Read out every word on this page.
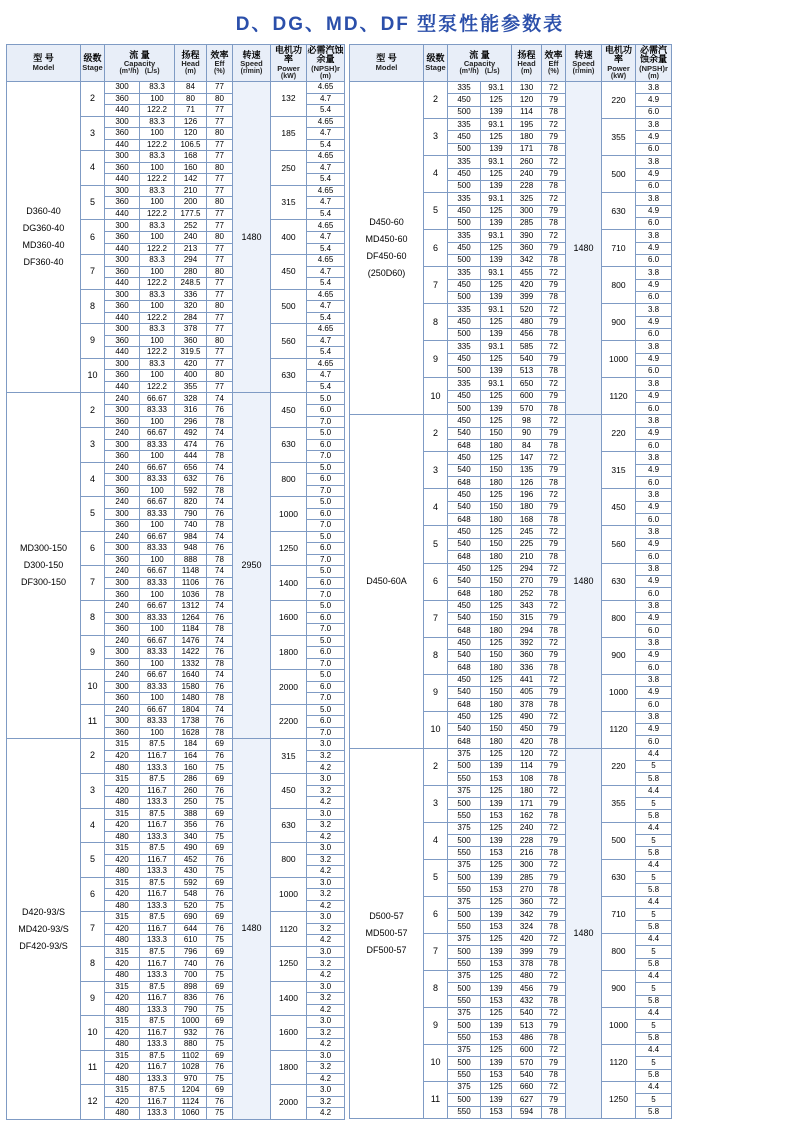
D、DG、MD、DF 型泵性能参数表
型 号
Model	级数
Stage	流 量
Capacity
(m³/h) (L/s)		扬程
Head
(m)	效率
Eff
(%)	转速
Speed
(r/min)	电机功率
Power
(kW)	必需汽蚀余量
(NPSH)r
(m)

D360-40
DG360-40
MD360-40
DF360-40	2	300	83.3	84	77	1480	132	4.65
		360	100	80	80			4.7
		440	122.2	71	77			5.4
	3	300	83.3	126	77		185	4.65
		360	100	120	80			4.7
		440	122.2	106.5	77			5.4
	4	300	83.3	168	77		250	4.65
		360	100	160	80			4.7
		440	122.2	142	77			5.4
	5	300	83.3	210	77		315	4.65
		360	100	200	80			4.7
		440	122.2	177.5	77			5.4
	6	300	83.3	252	77		400	4.65
		360	100	240	80			4.7
		440	122.2	213	77			5.4
	7	300	83.3	294	77		450	4.65
		360	100	280	80			4.7
		440	122.2	248.5	77			5.4
	8	300	83.3	336	77		500	4.65
		360	100	320	80			4.7
		440	122.2	284	77			5.4
	9	300	83.3	378	77		560	4.65
		360	100	360	80			4.7
		440	122.2	319.5	77			5.4
	10	300	83.3	420	77		630	4.65
		360	100	400	80			4.7
		440	122.2	355	77			5.4

MD300-150
D300-150
DF300-150	2	240	66.67	328	74	2950	450	5.0
		300	83.33	316	76			6.0
		360	100	296	78			7.0
	3	240	66.67	492	74		630	5.0
		300	83.33	474	76			6.0
		360	100	444	78			7.0
	4	240	66.67	656	74		800	5.0
		300	83.33	632	76			6.0
		360	100	592	78			7.0
	5	240	66.67	820	74		1000	5.0
		300	83.33	790	76			6.0
		360	100	740	78			7.0
	6	240	66.67	984	74		1250	5.0
		300	83.33	948	76			6.0
		360	100	888	78			7.0
	7	240	66.67	1148	74		1400	5.0
		300	83.33	1106	76			6.0
		360	100	1036	78			7.0
	8	240	66.67	1312	74		1600	5.0
		300	83.33	1264	76			6.0
		360	100	1184	78			7.0
	9	240	66.67	1476	74		1800	5.0
		300	83.33	1422	76			6.0
		360	100	1332	78			7.0
	10	240	66.67	1640	74		2000	5.0
		300	83.33	1580	76			6.0
		360	100	1480	78			7.0
	11	240	66.67	1804	74		2200	5.0
		300	83.33	1738	76			6.0
		360	100	1628	78			7.0

D420-93/S
MD420-93/S
DF420-93/S	2	315	87.5	184	69	1480	315	3.0
		420	116.7	164	76			3.2
		480	133.3	160	75			4.2
	3	315	87.5	286	69		450	3.0
		420	116.7	260	76			3.2
		480	133.3	250	75			4.2
	4	315	87.5	388	69		630	3.0
		420	116.7	356	76			3.2
		480	133.3	340	75			4.2
	5	315	87.5	490	69		800	3.0
		420	116.7	452	76			3.2
		480	133.3	430	75			4.2
	6	315	87.5	592	69		1000	3.0
		420	116.7	548	76			3.2
		480	133.3	520	75			4.2
	7	315	87.5	690	69		1120	3.0
		420	116.7	644	76			3.2
		480	133.3	610	75			4.2
	8	315	87.5	796	69		1250	3.0
		420	116.7	740	76			3.2
		480	133.3	700	75			4.2
	9	315	87.5	898	69		1400	3.0
		420	116.7	836	76			3.2
		480	133.3	790	75			4.2
	10	315	87.5	1000	69		1600	3.0
		420	116.7	932	76			3.2
		480	133.3	880	75			4.2
	11	315	87.5	1102	69		1800	3.0
		420	116.7	1028	76			3.2
		480	133.3	970	75			4.2
	12	315	87.5	1204	69		2000	3.0
		420	116.7	1124	76			3.2
		480	133.3	1060	75			4.2
型 号
Model	级数
Stage	流 量
Capacity
(m³/h) (L/s)		扬程
Head
(m)	效率
Eff
(%)	转速
Speed
(r/min)	电机功率
Power
(kW)	必需汽蚀余量
(NPSH)r
(m)

D450-60
MD450-60
DF450-60
(250D60)	2	335	93.1	130	72	1480	220	3.8
		450	125	120	79			4.9
		500	139	114	78			6.0
	3	335	93.1	195	72		355	3.8
		450	125	180	79			4.9
		500	139	171	78			6.0
	4	335	93.1	260	72		500	3.8
		450	125	240	79			4.9
		500	139	228	78			6.0
	5	335	93.1	325	72		630	3.8
		450	125	300	79			4.9
		500	139	285	78			6.0
	6	335	93.1	390	72		710	3.8
		450	125	360	79			4.9
		500	139	342	78			6.0
	7	335	93.1	455	72		800	3.8
		450	125	420	79			4.9
		500	139	399	78			6.0
	8	335	93.1	520	72		900	3.8
		450	125	480	79			4.9
		500	139	456	78			6.0
	9	335	93.1	585	72		1000	3.8
		450	125	540	79			4.9
		500	139	513	78			6.0
	10	335	93.1	650	72		1120	3.8
		450	125	600	79			4.9
		500	139	570	78			6.0

D450-60A	2	450	125	98	72	1480	220	3.8
		540	150	90	79			4.9
		648	180	84	78			6.0
	3	450	125	147	72		315	3.8
		540	150	135	79			4.9
		648	180	126	78			6.0
	4	450	125	196	72		450	3.8
		540	150	180	79			4.9
		648	180	168	78			6.0
	5	450	125	245	72		560	3.8
		540	150	225	79			4.9
		648	180	210	78			6.0
	6	450	125	294	72		630	3.8
		540	150	270	79			4.9
		648	180	252	78			6.0
	7	450	125	343	72		800	3.8
		540	150	315	79			4.9
		648	180	294	78			6.0
	8	450	125	392	72		900	3.8
		540	150	360	79			4.9
		648	180	336	78			6.0
	9	450	125	441	72		1000	3.8
		540	150	405	79			4.9
		648	180	378	78			6.0
	10	450	125	490	72		1120	3.8
		540	150	450	79			4.9
		648	180	420	78			6.0

D500-57
MD500-57
DF500-57	2	375	125	120	72	1480	220	4.4
		500	139	114	79			5
		550	153	108	78			5.8
	3	375	125	180	72		355	4.4
		500	139	171	79			5
		550	153	162	78			5.8
	4	375	125	240	72		500	4.4
		500	139	228	79			5
		550	153	216	78			5.8
	5	375	125	300	72		630	4.4
		500	139	285	79			5
		550	153	270	78			5.8
	6	375	125	360	72		710	4.4
		500	139	342	79			5
		550	153	324	78			5.8
	7	375	125	420	72		800	4.4
		500	139	399	79			5
		550	153	378	78			5.8
	8	375	125	480	72		900	4.4
		500	139	456	79			5
		550	153	432	78			5.8
	9	375	125	540	72		1000	4.4
		500	139	513	79			5
		550	153	486	78			5.8
	10	375	125	600	72		1120	4.4
		500	139	570	79			5
		550	153	540	78			5.8
	11	375	125	660	72		1250	4.4
		500	139	627	79			5
		550	153	594	78			5.8
